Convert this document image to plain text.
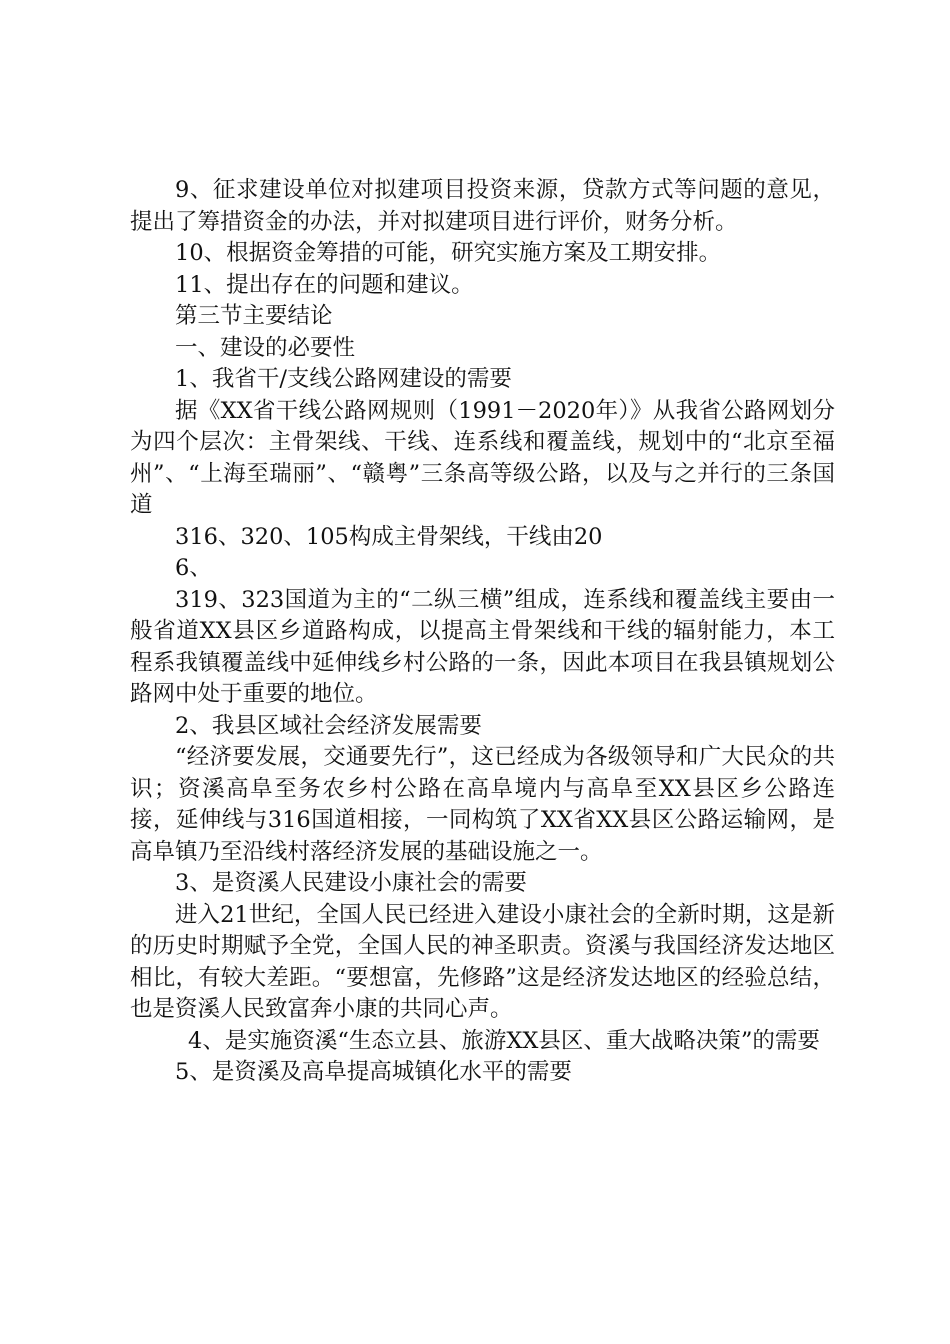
9、征求建设单位对拟建项目投资来源，贷款方式等问题的意见，提出了筹措资金的办法，并对拟建项目进行评价，财务分析。

10、根据资金筹措的可能，研究实施方案及工期安排。

11、提出存在的问题和建议。

第三节主要结论

一、建设的必要性

1、我省干/支线公路网建设的需要

据《XX省干线公路网规则（1991－2020年）》从我省公路网划分为四个层次：主骨架线、干线、连系线和覆盖线，规划中的“北京至福州”、“上海至瑞丽”、“赣粤”三条高等级公路，以及与之并行的三条国道

316、320、105构成主骨架线，干线由20

6、

319、323国道为主的“二纵三横”组成，连系线和覆盖线主要由一般省道XX县区乡道路构成，以提高主骨架线和干线的辐射能力，本工程系我镇覆盖线中延伸线乡村公路的一条，因此本项目在我县镇规划公路网中处于重要的地位。

2、我县区域社会经济发展需要

“经济要发展，交通要先行”，这已经成为各级领导和广大民众的共识；资溪高阜至务农乡村公路在高阜境内与高阜至XX县区乡公路连接，延伸线与316国道相接，一同构筑了XX省XX县区公路运输网，是高阜镇乃至沿线村落经济发展的基础设施之一。

3、是资溪人民建设小康社会的需要

进入21世纪，全国人民已经进入建设小康社会的全新时期，这是新的历史时期赋予全党，全国人民的神圣职责。资溪与我国经济发达地区相比，有较大差距。“要想富，先修路”这是经济发达地区的经验总结，也是资溪人民致富奔小康的共同心声。

4、是实施资溪“生态立县、旅游XX县区、重大战略决策”的需要

5、是资溪及高阜提高城镇化水平的需要
